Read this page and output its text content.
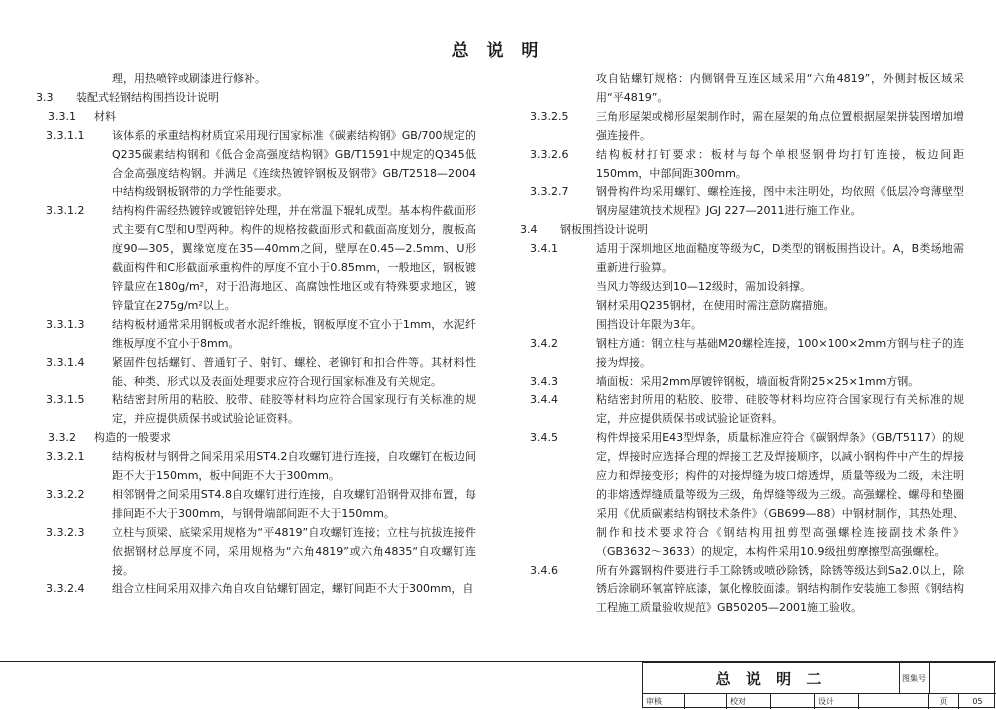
总 说 明
理，用热喷锌或刷漆进行修补。
3.3	装配式轻钢结构围挡设计说明
3.3.1	材料
3.3.1.1	该体系的承重结构材质宜采用现行国家标准《碳素结构钢》GB/700规定的Q235碳素结构钢和《低合金高强度结构钢》GB/T1591中规定的Q345低合金高强度结构钢。并满足《连续热镀锌钢板及钢带》GB/T2518—2004中结构级钢板钢带的力学性能要求。
3.3.1.2	结构构件需经热镀锌或镀铝锌处理，并在常温下辊轧成型。基本构件截面形式主要有C型和U型两种。构件的规格按截面形式和截面高度划分，腹板高度90—305，翼缘宽度在35—40mm之间，壁厚在0.45—2.5mm、U形截面构件和C形截面承重构件的厚度不宜小于0.85mm，一般地区，钢板镀锌量应在180g/m²，对于沿海地区、高腐蚀性地区或有特殊要求地区，镀锌量宜在275g/m²以上。
3.3.1.3	结构板材通常采用钢板或者水泥纤维板，钢板厚度不宜小于1mm，水泥纤维板厚度不宜小于8mm。
3.3.1.4	紧固件包括螺钉、普通钉子、射钉、螺栓、老铆钉和扣合件等。其材料性能、种类、形式以及表面处理要求应符合现行国家标准及有关规定。
3.3.1.5	粘结密封所用的粘胶、胶带、硅胶等材料均应符合国家现行有关标准的规定，并应提供质保书或试验论证资料。
3.3.2	构造的一般要求
3.3.2.1	结构板材与钢骨之间采用采用ST4.2自攻螺钉进行连接，自攻螺钉在板边间距不大于150mm，板中间距不大于300mm。
3.3.2.2	相邻钢骨之间采用ST4.8自攻螺钉进行连接，自攻螺钉沿钢骨双排布置，每排间距不大于300mm，与钢骨端部间距不大于150mm。
3.3.2.3	立柱与顶梁、底梁采用规格为“平4819”自攻螺钉连接；立柱与抗拔连接件依据钢材总厚度不同，采用规格为“六角4819”或六角4835“自攻螺钉连接。
3.3.2.4	组合立柱间采用双排六角自攻自钻螺钉固定，螺钉间距不大于300mm，自
攻自钻螺钉规格：内侧钢骨互连区域采用“六角4819”，外侧封板区域采用“平4819”。
3.3.2.5	三角形屋架或梯形屋架制作时，需在屋架的角点位置根据屋架拼装图增加增强连接件。
3.3.2.6	结构板材打钉要求：板材与每个单根竖钢骨均打钉连接，板边间距150mm，中部间距300mm。
3.3.2.7	钢骨构件均采用螺钉、螺栓连接，图中未注明处，均依照《低层冷弯薄壁型钢房屋建筑技术规程》JGJ 227—2011进行施工作业。
3.4	钢板围挡设计说明
3.4.1	适用于深圳地区地面糙度等级为C，D类型的钢板围挡设计。A，B类场地需重新进行验算。
当风力等级达到10—12级时，需加设斜撑。
钢材采用Q235钢材，在使用时需注意防腐措施。
围挡设计年限为3年。
3.4.2	钢柱方通：钢立柱与基础M20螺栓连接，100×100×2mm方钢与柱子的连接为焊接。
3.4.3	墙面板：采用2mm厚镀锌钢板，墙面板背附25×25×1mm方钢。
3.4.4	粘结密封所用的粘胶、胶带、硅胶等材料均应符合国家现行有关标准的规定，并应提供质保书或试验论证资料。
3.4.5	构件焊接采用E43型焊条，质量标准应符合《碳钢焊条》（GB/T5117）的规定，焊接时应选择合理的焊接工艺及焊接顺序，以减小钢构件中产生的焊接应力和焊接变形；构件的对接焊缝为坡口熔透焊，质量等级为二级，未注明的非熔透焊缝质量等级为三级，角焊缝等级为三级。高强螺栓、螺母和垫圈采用《优质碳素结构钢技术条件》（GB699—88）中钢材制作，其热处理、制作和技术要求符合《钢结构用扭剪型高强螺栓连接副技术条件》（GB3632～3633）的规定，本构件采用10.9级扭剪摩擦型高强螺栓。
3.4.6	所有外露钢构件要进行手工除锈或喷砂除锈，除锈等级达到Sa2.0以上，除锈后涂刷环氧富锌底漆，氯化橡胶面漆。钢结构制作安装施工参照《钢结构工程施工质量验收规范》GB50205—2001施工验收。
总 说 明 二	图集号
审核	校对	设计	页	05
